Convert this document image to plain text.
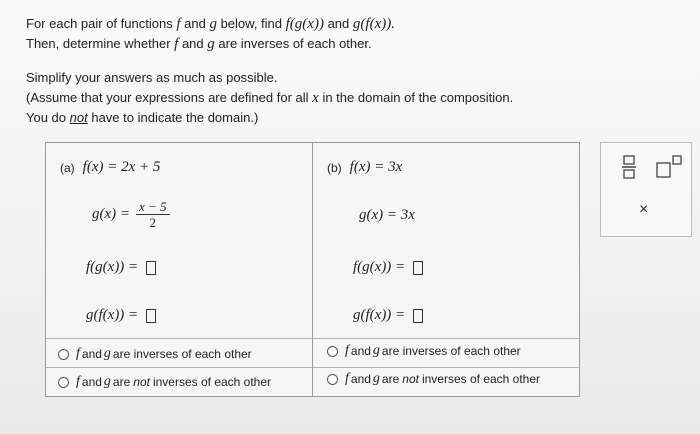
For each pair of functions f and g below, find f(g(x)) and g(f(x)).

Then, determine whether f and g are inverses of each other.

Simplify your answers as much as possible.

(Assume that your expressions are defined for all x in the domain of the composition.

You do not have to indicate the domain.)

(a) f(x) = 2x + 5
$g(x) = \frac{x - 5}{2}$
f(g(x)) =
g(f(x)) =
f and g are inverses of each other
f and g are not inverses of each other
(b) f(x) = 3x
g(x) = 3x
f(g(x)) =
g(f(x)) =
f and g are inverses of each other
f and g are not inverses of each other
×
